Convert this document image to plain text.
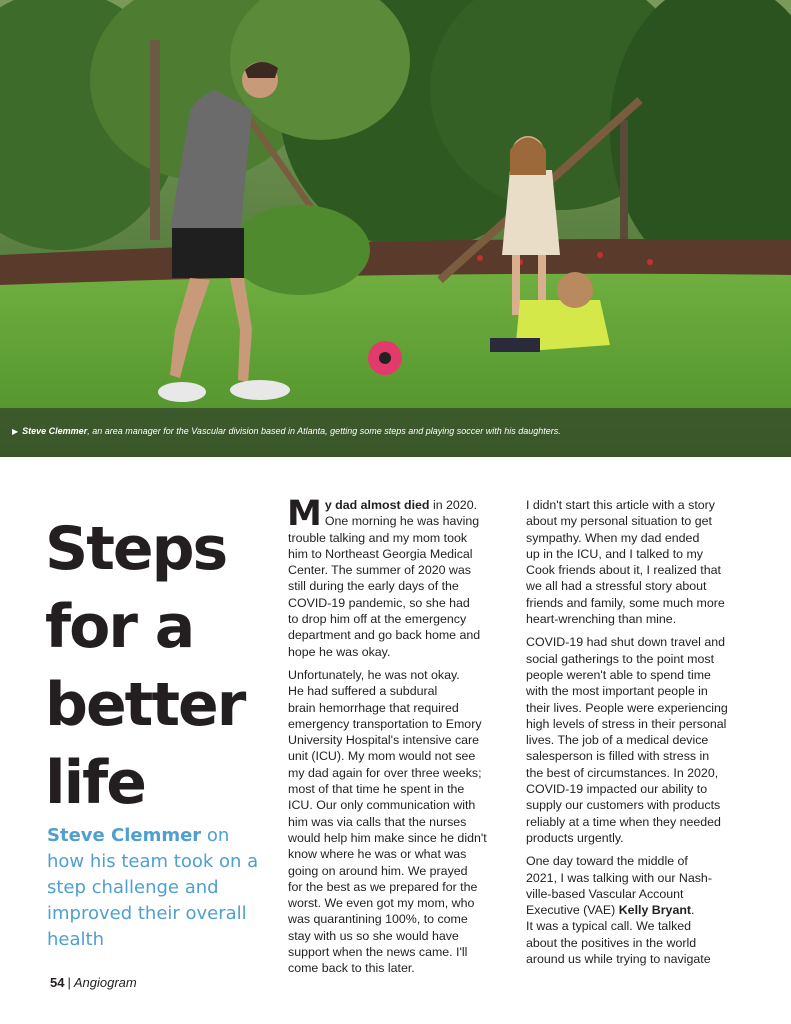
▶ Steve Clemmer, an area manager for the Vascular division based in Atlanta, getting some steps and playing soccer with his daughters.
Steps
for a
better
life
Steve Clemmer on how his team took on a step challenge and improved their overall health

M y dad almost died in 2020.
One morning he was having
trouble talking and my mom took
him to Northeast Georgia Medical
Center. The summer of 2020 was
still during the early days of the
COVID-19 pandemic, so she had
to drop him off at the emergency
department and go back home and
hope he was okay.

Unfortunately, he was not okay.
He had suffered a subdural
brain hemorrhage that required
emergency transportation to Emory
University Hospital's intensive care
unit (ICU). My mom would not see
my dad again for over three weeks;
most of that time he spent in the
ICU. Our only communication with
him was via calls that the nurses
would help him make since he didn't
know where he was or what was
going on around him. We prayed
for the best as we prepared for the
worst. We even got my mom, who
was quarantining 100%, to come
stay with us so she would have
support when the news came. I'll
come back to this later.

I didn't start this article with a story
about my personal situation to get
sympathy. When my dad ended
up in the ICU, and I talked to my
Cook friends about it, I realized that
we all had a stressful story about
friends and family, some much more
heart-wrenching than mine.

COVID-19 had shut down travel and
social gatherings to the point most
people weren't able to spend time
with the most important people in
their lives. People were experiencing
high levels of stress in their personal
lives. The job of a medical device
salesperson is filled with stress in
the best of circumstances. In 2020,
COVID-19 impacted our ability to
supply our customers with products
reliably at a time when they needed
products urgently.

One day toward the middle of
2021, I was talking with our Nash-
ville-based Vascular Account
Executive (VAE) Kelly Bryant.
It was a typical call. We talked
about the positives in the world
around us while trying to navigate

54 | Angiogram
